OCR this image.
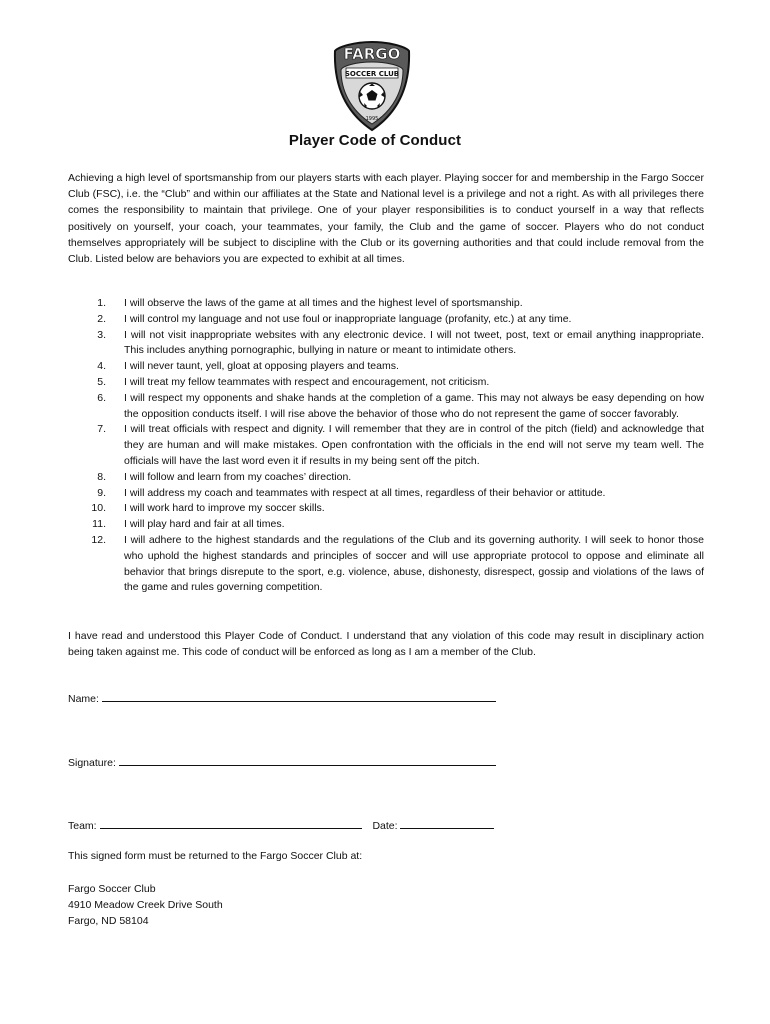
FARGO
SOCCER CLUB
1995
Player Code of Conduct

Achieving a high level of sportsmanship from our players starts with each player. Playing soccer for and membership in the Fargo Soccer Club (FSC), i.e. the “Club” and within our affiliates at the State and National level is a privilege and not a right. As with all privileges there comes the responsibility to maintain that privilege. One of your player responsibilities is to conduct yourself in a way that reflects positively on yourself, your coach, your teammates, your family, the Club and the game of soccer. Players who do not conduct themselves appropriately will be subject to discipline with the Club or its governing authorities and that could include removal from the Club. Listed below are behaviors you are expected to exhibit at all times.

1. I will observe the laws of the game at all times and the highest level of sportsmanship.
2. I will control my language and not use foul or inappropriate language (profanity, etc.) at any time.
3. I will not visit inappropriate websites with any electronic device. I will not tweet, post, text or email anything inappropriate. This includes anything pornographic, bullying in nature or meant to intimidate others.
4. I will never taunt, yell, gloat at opposing players and teams.
5. I will treat my fellow teammates with respect and encouragement, not criticism.
6. I will respect my opponents and shake hands at the completion of a game. This may not always be easy depending on how the opposition conducts itself. I will rise above the behavior of those who do not represent the game of soccer favorably.
7. I will treat officials with respect and dignity. I will remember that they are in control of the pitch (field) and acknowledge that they are human and will make mistakes. Open confrontation with the officials in the end will not serve my team well. The officials will have the last word even it if results in my being sent off the pitch.
8. I will follow and learn from my coaches’ direction.
9. I will address my coach and teammates with respect at all times, regardless of their behavior or attitude.
10. I will work hard to improve my soccer skills.
11. I will play hard and fair at all times.
12. I will adhere to the highest standards and the regulations of the Club and its governing authority. I will seek to honor those who uphold the highest standards and principles of soccer and will use appropriate protocol to oppose and eliminate all behavior that brings disrepute to the sport, e.g. violence, abuse, dishonesty, disrespect, gossip and violations of the laws of the game and rules governing competition.

I have read and understood this Player Code of Conduct. I understand that any violation of this code may result in disciplinary action being taken against me. This code of conduct will be enforced as long as I am a member of the Club.

Name:
Signature:
Team:	Date:

This signed form must be returned to the Fargo Soccer Club at:

Fargo Soccer Club
4910 Meadow Creek Drive South
Fargo, ND 58104
